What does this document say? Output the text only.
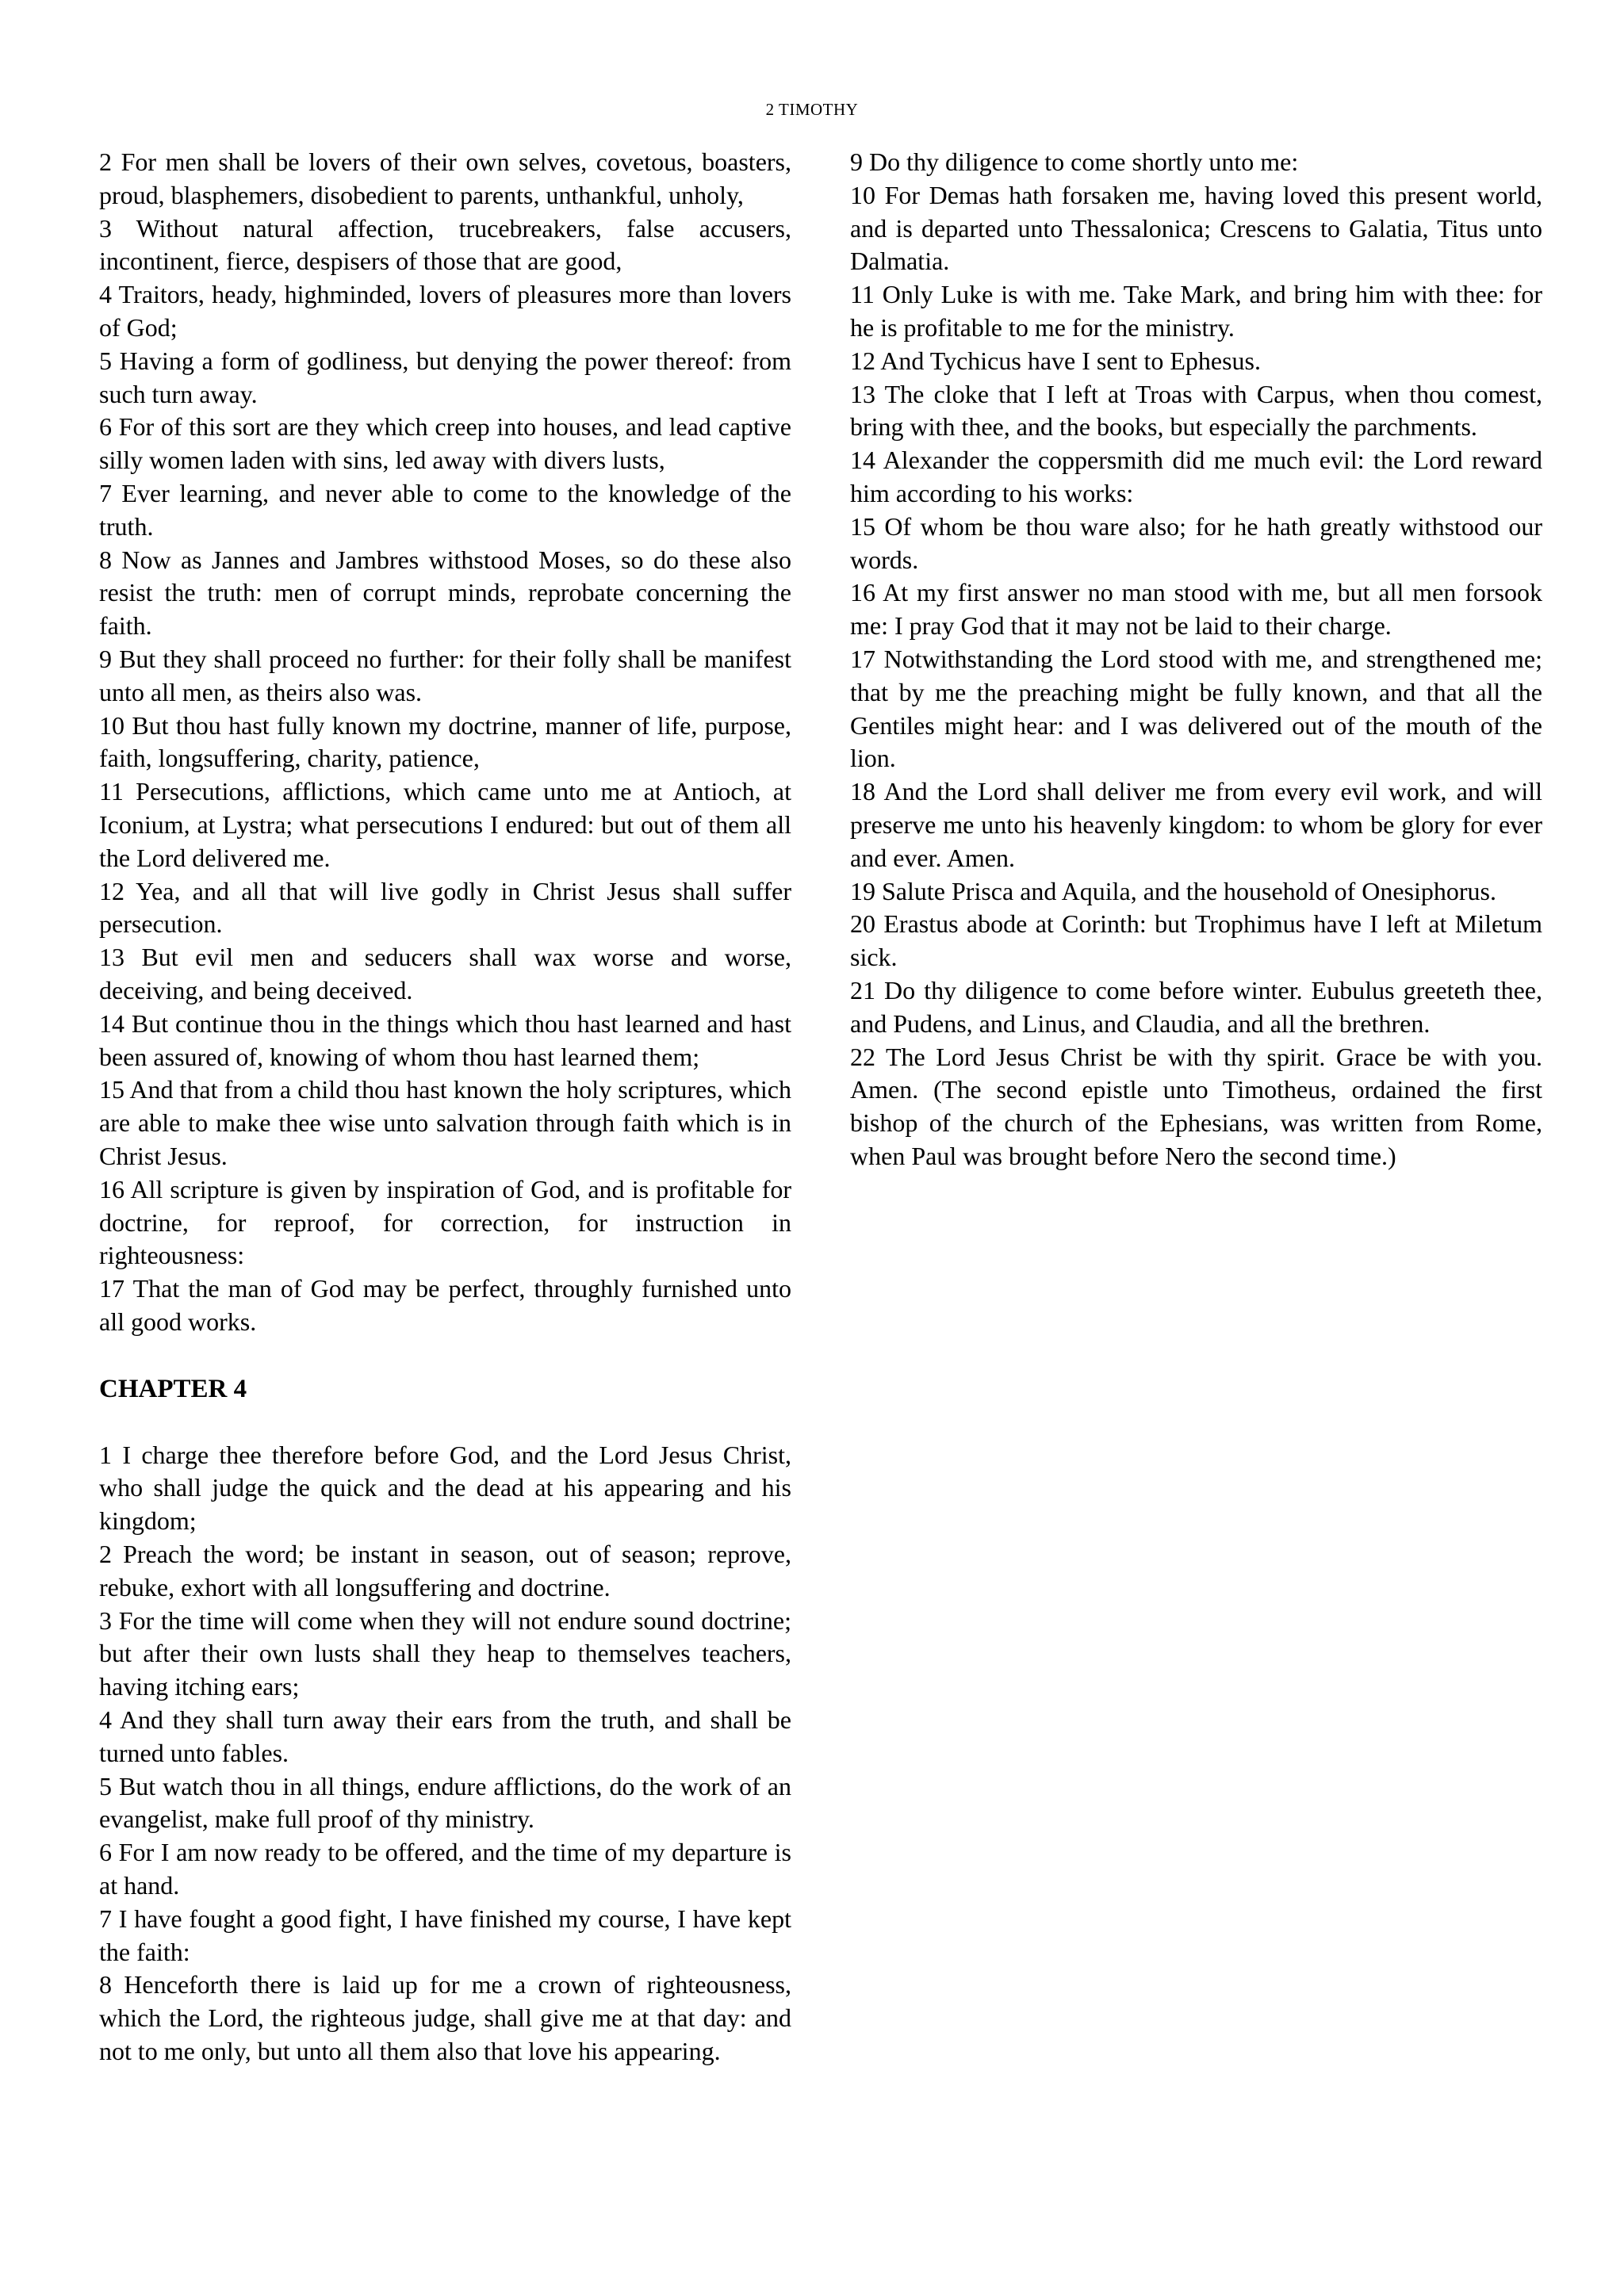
2 TIMOTHY

2 For men shall be lovers of their own selves, covetous, boasters, proud, blasphemers, disobedient to parents, unthankful, unholy,

3 Without natural affection, trucebreakers, false accusers, incontinent, fierce, despisers of those that are good,

4 Traitors, heady, highminded, lovers of pleasures more than lovers of God;

5 Having a form of godliness, but denying the power thereof: from such turn away.

6 For of this sort are they which creep into houses, and lead captive silly women laden with sins, led away with divers lusts,

7 Ever learning, and never able to come to the knowledge of the truth.

8 Now as Jannes and Jambres withstood Moses, so do these also resist the truth: men of corrupt minds, reprobate concerning the faith.

9 But they shall proceed no further: for their folly shall be manifest unto all men, as theirs also was.

10 But thou hast fully known my doctrine, manner of life, purpose, faith, longsuffering, charity, patience,

11 Persecutions, afflictions, which came unto me at Antioch, at Iconium, at Lystra; what persecutions I endured: but out of them all the Lord delivered me.

12 Yea, and all that will live godly in Christ Jesus shall suffer persecution.

13 But evil men and seducers shall wax worse and worse, deceiving, and being deceived.

14 But continue thou in the things which thou hast learned and hast been assured of, knowing of whom thou hast learned them;

15 And that from a child thou hast known the holy scriptures, which are able to make thee wise unto salvation through faith which is in Christ Jesus.

16 All scripture is given by inspiration of God, and is profitable for doctrine, for reproof, for correction, for instruction in righteousness:

17 That the man of God may be perfect, throughly furnished unto all good works.

CHAPTER 4

1 I charge thee therefore before God, and the Lord Jesus Christ, who shall judge the quick and the dead at his appearing and his kingdom;

2 Preach the word; be instant in season, out of season; reprove, rebuke, exhort with all longsuffering and doctrine.

3 For the time will come when they will not endure sound doctrine; but after their own lusts shall they heap to themselves teachers, having itching ears;

4 And they shall turn away their ears from the truth, and shall be turned unto fables.

5 But watch thou in all things, endure afflictions, do the work of an evangelist, make full proof of thy ministry.

6 For I am now ready to be offered, and the time of my departure is at hand.

7 I have fought a good fight, I have finished my course, I have kept the faith:

8 Henceforth there is laid up for me a crown of righteousness, which the Lord, the righteous judge, shall give me at that day: and not to me only, but unto all them also that love his appearing.

9 Do thy diligence to come shortly unto me:

10 For Demas hath forsaken me, having loved this present world, and is departed unto Thessalonica; Crescens to Galatia, Titus unto Dalmatia.

11 Only Luke is with me. Take Mark, and bring him with thee: for he is profitable to me for the ministry.

12 And Tychicus have I sent to Ephesus.

13 The cloke that I left at Troas with Carpus, when thou comest, bring with thee, and the books, but especially the parchments.

14 Alexander the coppersmith did me much evil: the Lord reward him according to his works:

15 Of whom be thou ware also; for he hath greatly withstood our words.

16 At my first answer no man stood with me, but all men forsook me: I pray God that it may not be laid to their charge.

17 Notwithstanding the Lord stood with me, and strengthened me; that by me the preaching might be fully known, and that all the Gentiles might hear: and I was delivered out of the mouth of the lion.

18 And the Lord shall deliver me from every evil work, and will preserve me unto his heavenly kingdom: to whom be glory for ever and ever. Amen.

19 Salute Prisca and Aquila, and the household of Onesiphorus.

20 Erastus abode at Corinth: but Trophimus have I left at Miletum sick.

21 Do thy diligence to come before winter. Eubulus greeteth thee, and Pudens, and Linus, and Claudia, and all the brethren.

22 The Lord Jesus Christ be with thy spirit. Grace be with you. Amen. (The second epistle unto Timotheus, ordained the first bishop of the church of the Ephesians, was written from Rome, when Paul was brought before Nero the second time.)
